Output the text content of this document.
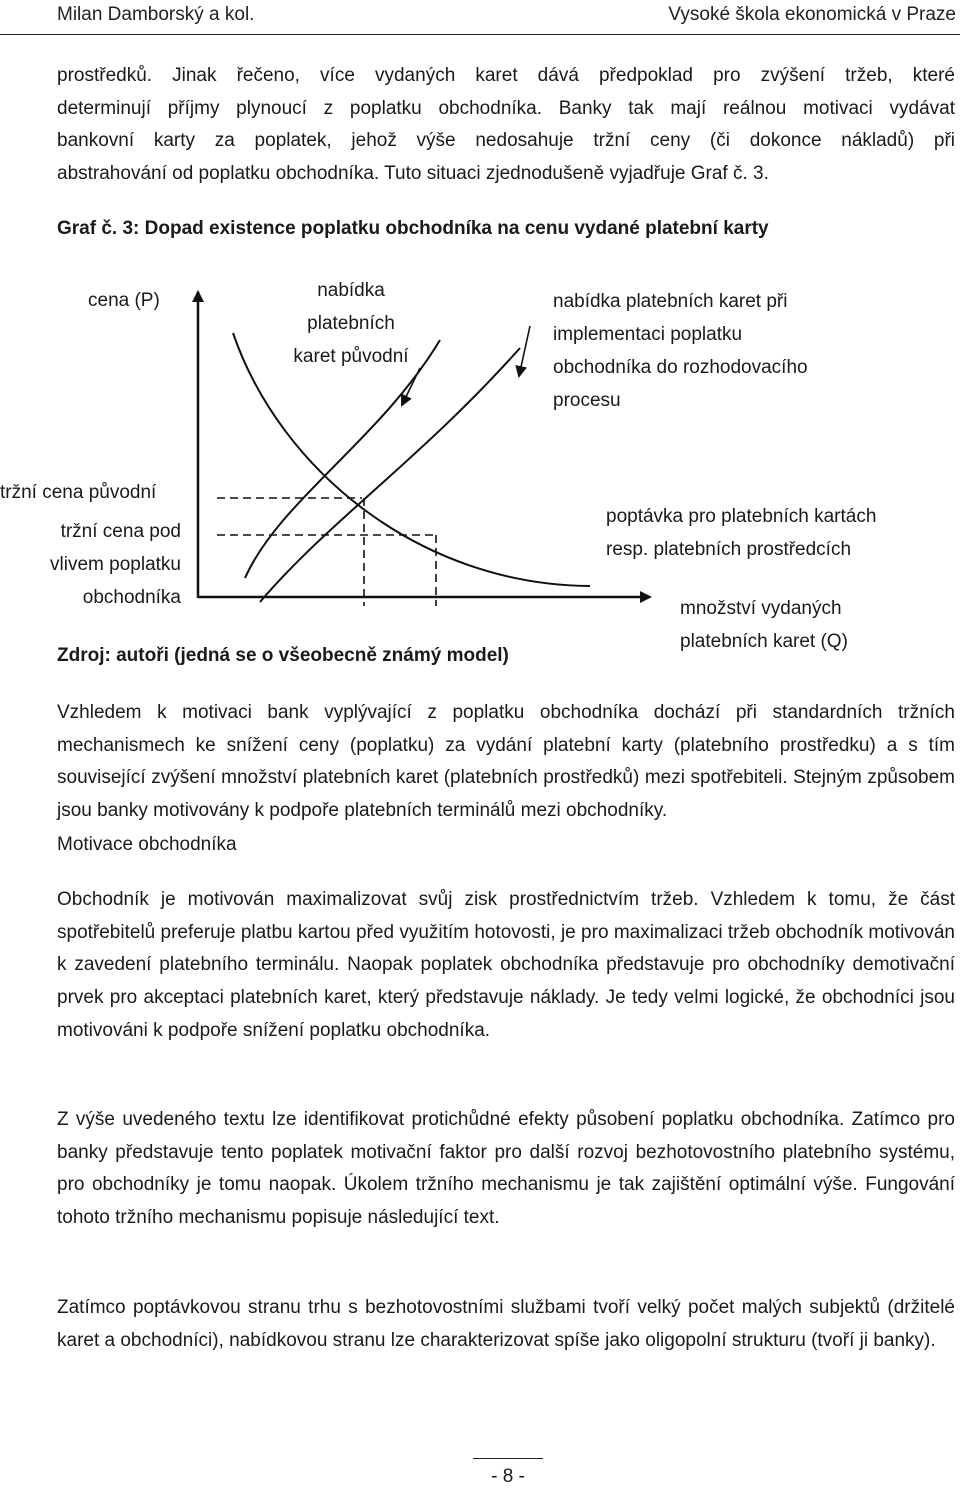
Milan Damborský a kol.	Vysoké škola ekonomická v Praze
prostředků. Jinak řečeno, více vydaných karet dává předpoklad pro zvýšení tržeb, které
determinují příjmy plynoucí z poplatku obchodníka. Banky tak mají reálnou motivaci vydávat
bankovní karty za poplatek, jehož výše nedosahuje tržní ceny (či dokonce nákladů) při
abstrahování od poplatku obchodníka. Tuto situaci zjednodušeně vyjadřuje Graf č. 3.
Graf č. 3: Dopad existence poplatku obchodníka na cenu vydané platební karty
cena (P)	nabídka
platebních
karet původní
nabídka platebních karet při
implementaci poplatku
obchodníka do rozhodovacího
procesu
tržní cena původní
tržní cena pod
vlivem poplatku
obchodníka
poptávka pro platebních kartách
resp. platebních prostředcích
množství vydaných
platebních karet (Q)
Zdroj: autoři (jedná se o všeobecně známý model)

Vzhledem k motivaci bank vyplývající z poplatku obchodníka dochází při standardních tržních mechanismech ke snížení ceny (poplatku) za vydání platební karty (platebního prostředku) a s tím související zvýšení množství platebních karet (platebních prostředků) mezi spotřebiteli. Stejným způsobem jsou banky motivovány k podpoře platebních terminálů mezi obchodníky.

Motivace obchodníka

Obchodník je motivován maximalizovat svůj zisk prostřednictvím tržeb. Vzhledem k tomu, že část spotřebitelů preferuje platbu kartou před využitím hotovosti, je pro maximalizaci tržeb obchodník motivován k zavedení platebního terminálu. Naopak poplatek obchodníka představuje pro obchodníky demotivační prvek pro akceptaci platebních karet, který představuje náklady. Je tedy velmi logické, že obchodníci jsou motivováni k podpoře snížení poplatku obchodníka.

Z výše uvedeného textu lze identifikovat protichůdné efekty působení poplatku obchodníka. Zatímco pro banky představuje tento poplatek motivační faktor pro další rozvoj bezhotovostního platebního systému, pro obchodníky je tomu naopak. Úkolem tržního mechanismu je tak zajištění optimální výše. Fungování tohoto tržního mechanismu popisuje následující text.

Zatímco poptávkovou stranu trhu s bezhotovostními službami tvoří velký počet malých subjektů (držitelé karet a obchodníci), nabídkovou stranu lze charakterizovat spíše jako oligopolní strukturu (tvoří ji banky).

- 8 -
